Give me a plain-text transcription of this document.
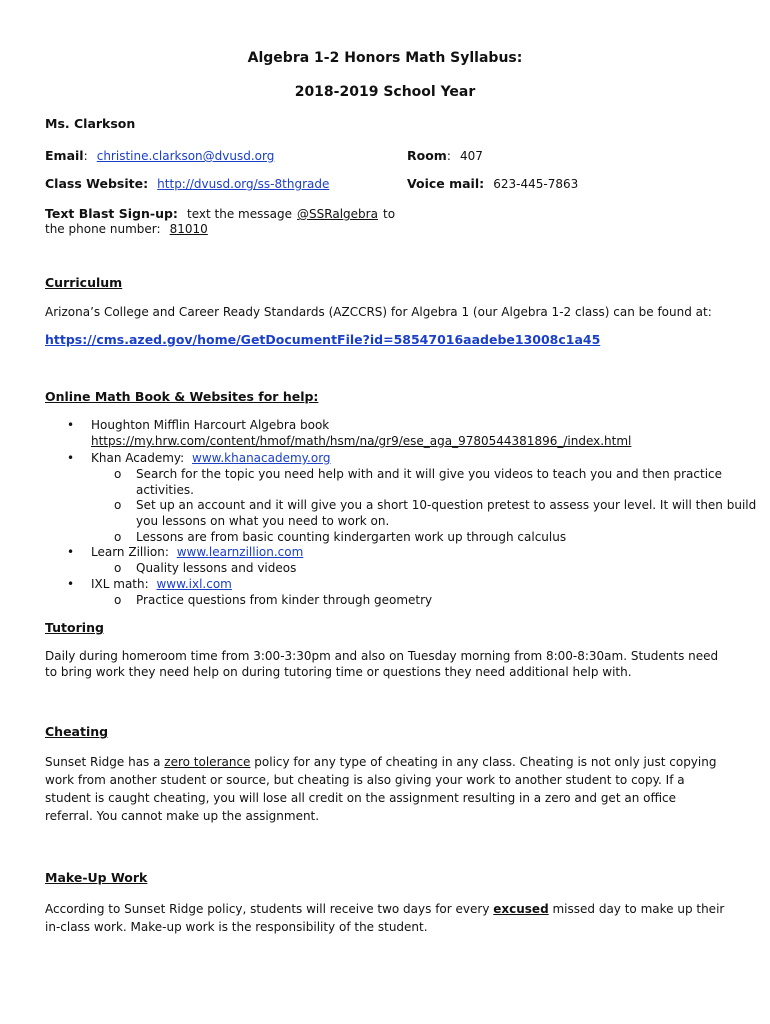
Algebra 1-2 Honors Math Syllabus:
2018-2019 School Year
Ms. Clarkson
Email: christine.clarkson@dvusd.org	Room: 407
Class Website: http://dvusd.org/ss-8thgrade	Voice mail: 623-445-7863
Text Blast Sign-up: text the message @SSRalgebra to
the phone number: 81010
Curriculum
Arizona’s College and Career Ready Standards (AZCCRS) for Algebra 1 (our Algebra 1-2 class) can be found at:
https://cms.azed.gov/home/GetDocumentFile?id=58547016aadebe13008c1a45
Online Math Book & Websites for help:
• Houghton Mifflin Harcourt Algebra book
https://my.hrw.com/content/hmof/math/hsm/na/gr9/ese_aga_9780544381896_/index.html
• Khan Academy: www.khanacademy.org
o Search for the topic you need help with and it will give you videos to teach you and then practice
activities.
o Set up an account and it will give you a short 10-question pretest to assess your level. It will then build
you lessons on what you need to work on.
o Lessons are from basic counting kindergarten work up through calculus
• Learn Zillion: www.learnzillion.com
o Quality lessons and videos
• IXL math: www.ixl.com
o Practice questions from kinder through geometry
Tutoring
Daily during homeroom time from 3:00-3:30pm and also on Tuesday morning from 8:00-8:30am. Students need to bring work they need help on during tutoring time or questions they need additional help with.
Cheating
Sunset Ridge has a zero tolerance policy for any type of cheating in any class. Cheating is not only just copying work from another student or source, but cheating is also giving your work to another student to copy. If a student is caught cheating, you will lose all credit on the assignment resulting in a zero and get an office referral. You cannot make up the assignment.
Make-Up Work
According to Sunset Ridge policy, students will receive two days for every excused missed day to make up their in-class work. Make-up work is the responsibility of the student.
